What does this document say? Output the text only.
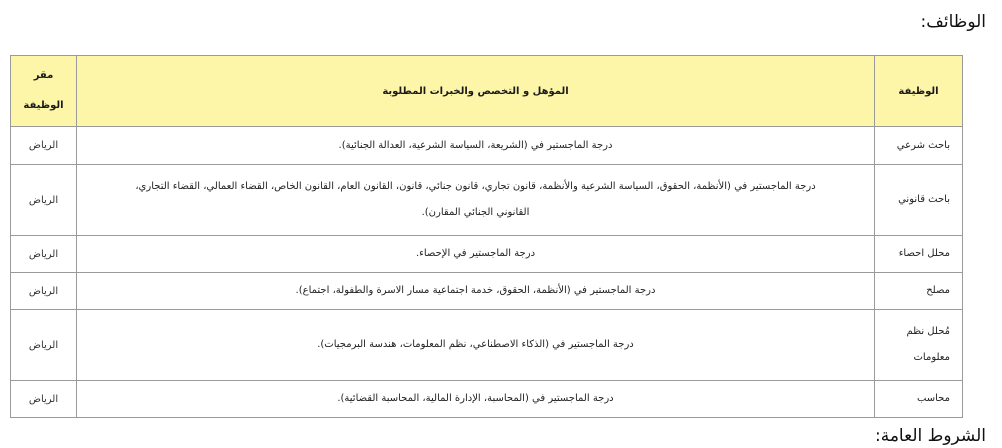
الوظائف:
الوظيفة	المؤهل و التخصص والخبرات المطلوبة	مقر
الوظيفة

باحث شرعي	درجة الماجستير في (الشريعة، السياسة الشرعية، العدالة الجنائية).	الرياض

باحث قانوني	درجة الماجستير في (الأنظمة، الحقوق، السياسة الشرعية والأنظمة، قانون تجاري، قانون جنائي، قانون، القانون العام، القانون الخاص، القضاء العمالي، القضاء التجاري،
القانوني الجنائي المقارن).	الرياض

محلل احصاء	درجة الماجستير في الإحصاء.	الرياض

مصلح	درجة الماجستير في (الأنظمة، الحقوق، خدمة اجتماعية مسار الاسرة والطفولة، اجتماع).	الرياض

مُحلل نظم
معلومات	درجة الماجستير في (الذكاء الاصطناعي، نظم المعلومات، هندسة البرمجيات).	الرياض

محاسب	درجة الماجستير في (المحاسبة، الإدارة المالية، المحاسبة القضائية).	الرياض
الشروط العامة:
